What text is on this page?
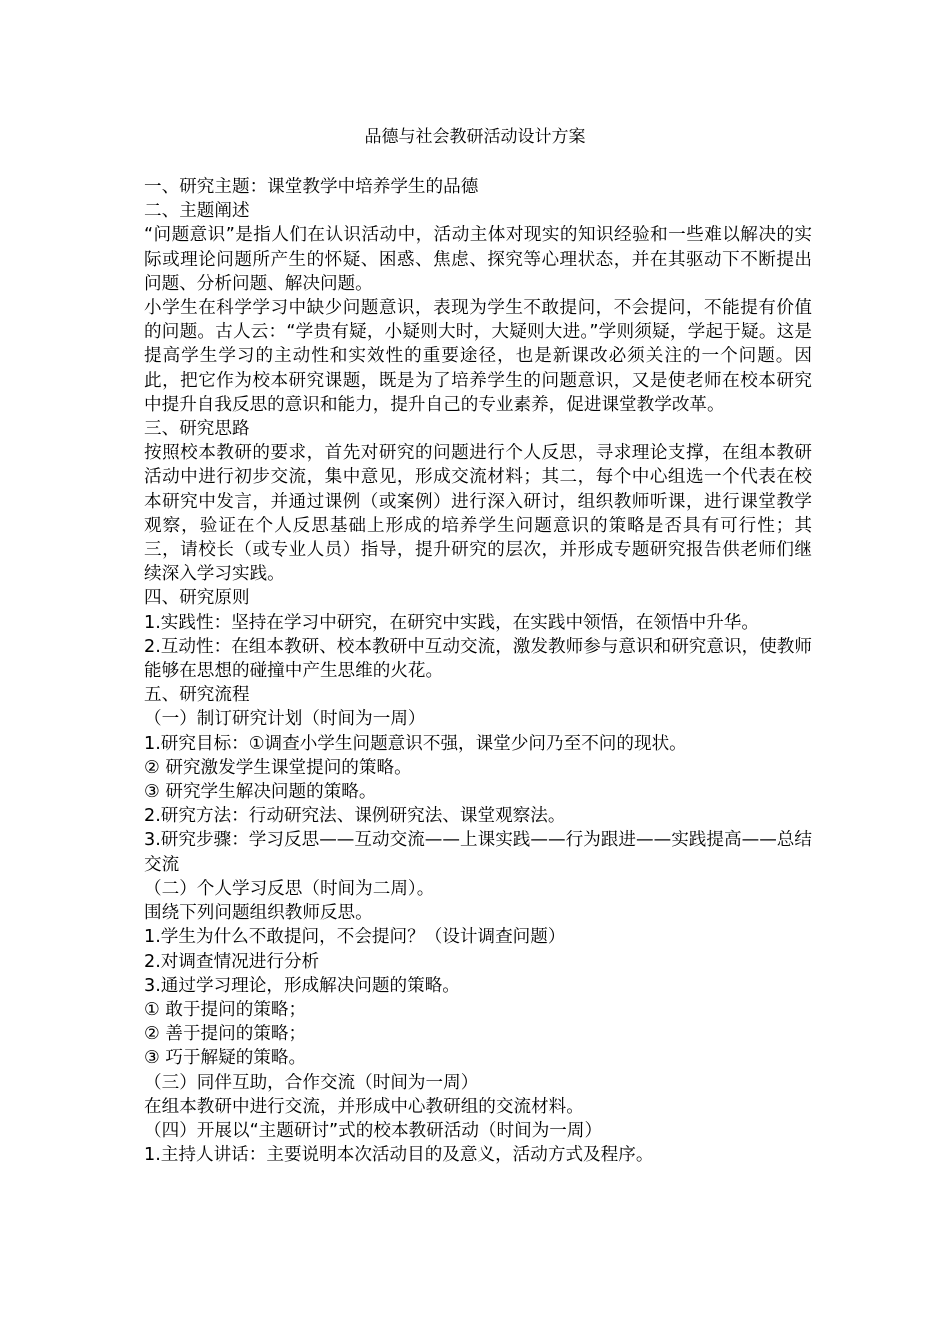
品德与社会教研活动设计方案
一、研究主题：课堂教学中培养学生的品德
二、主题阐述
“问题意识”是指人们在认识活动中，活动主体对现实的知识经验和一些难以解决的实际或理论问题所产生的怀疑、困惑、焦虑、探究等心理状态，并在其驱动下不断提出问题、分析问题、解决问题。
小学生在科学学习中缺少问题意识，表现为学生不敢提问，不会提问，不能提有价值的问题。古人云：“学贵有疑，小疑则大时，大疑则大进。”学则须疑，学起于疑。这是提高学生学习的主动性和实效性的重要途径，也是新课改必须关注的一个问题。因此，把它作为校本研究课题，既是为了培养学生的问题意识，又是使老师在校本研究中提升自我反思的意识和能力，提升自己的专业素养，促进课堂教学改革。
三、研究思路
按照校本教研的要求，首先对研究的问题进行个人反思，寻求理论支撑，在组本教研活动中进行初步交流，集中意见，形成交流材料；其二，每个中心组选一个代表在校本研究中发言，并通过课例（或案例）进行深入研讨，组织教师听课，进行课堂教学观察，验证在个人反思基础上形成的培养学生问题意识的策略是否具有可行性；其三，请校长（或专业人员）指导，提升研究的层次，并形成专题研究报告供老师们继续深入学习实践。
四、研究原则
1.实践性：坚持在学习中研究，在研究中实践，在实践中领悟，在领悟中升华。
2.互动性：在组本教研、校本教研中互动交流，激发教师参与意识和研究意识，使教师能够在思想的碰撞中产生思维的火花。
五、研究流程
（一）制订研究计划（时间为一周）
1.研究目标：①调查小学生问题意识不强，课堂少问乃至不问的现状。
② 研究激发学生课堂提问的策略。
③ 研究学生解决问题的策略。
2.研究方法：行动研究法、课例研究法、课堂观察法。
3.研究步骤：学习反思——互动交流——上课实践——行为跟进——实践提高——总结交流
（二）个人学习反思（时间为二周）。
围绕下列问题组织教师反思。
1.学生为什么不敢提问，不会提问？（设计调查问题）
2.对调查情况进行分析
3.通过学习理论，形成解决问题的策略。
① 敢于提问的策略；
② 善于提问的策略；
③ 巧于解疑的策略。
（三）同伴互助，合作交流（时间为一周）
在组本教研中进行交流，并形成中心教研组的交流材料。
（四）开展以“主题研讨”式的校本教研活动（时间为一周）
1.主持人讲话：主要说明本次活动目的及意义，活动方式及程序。
